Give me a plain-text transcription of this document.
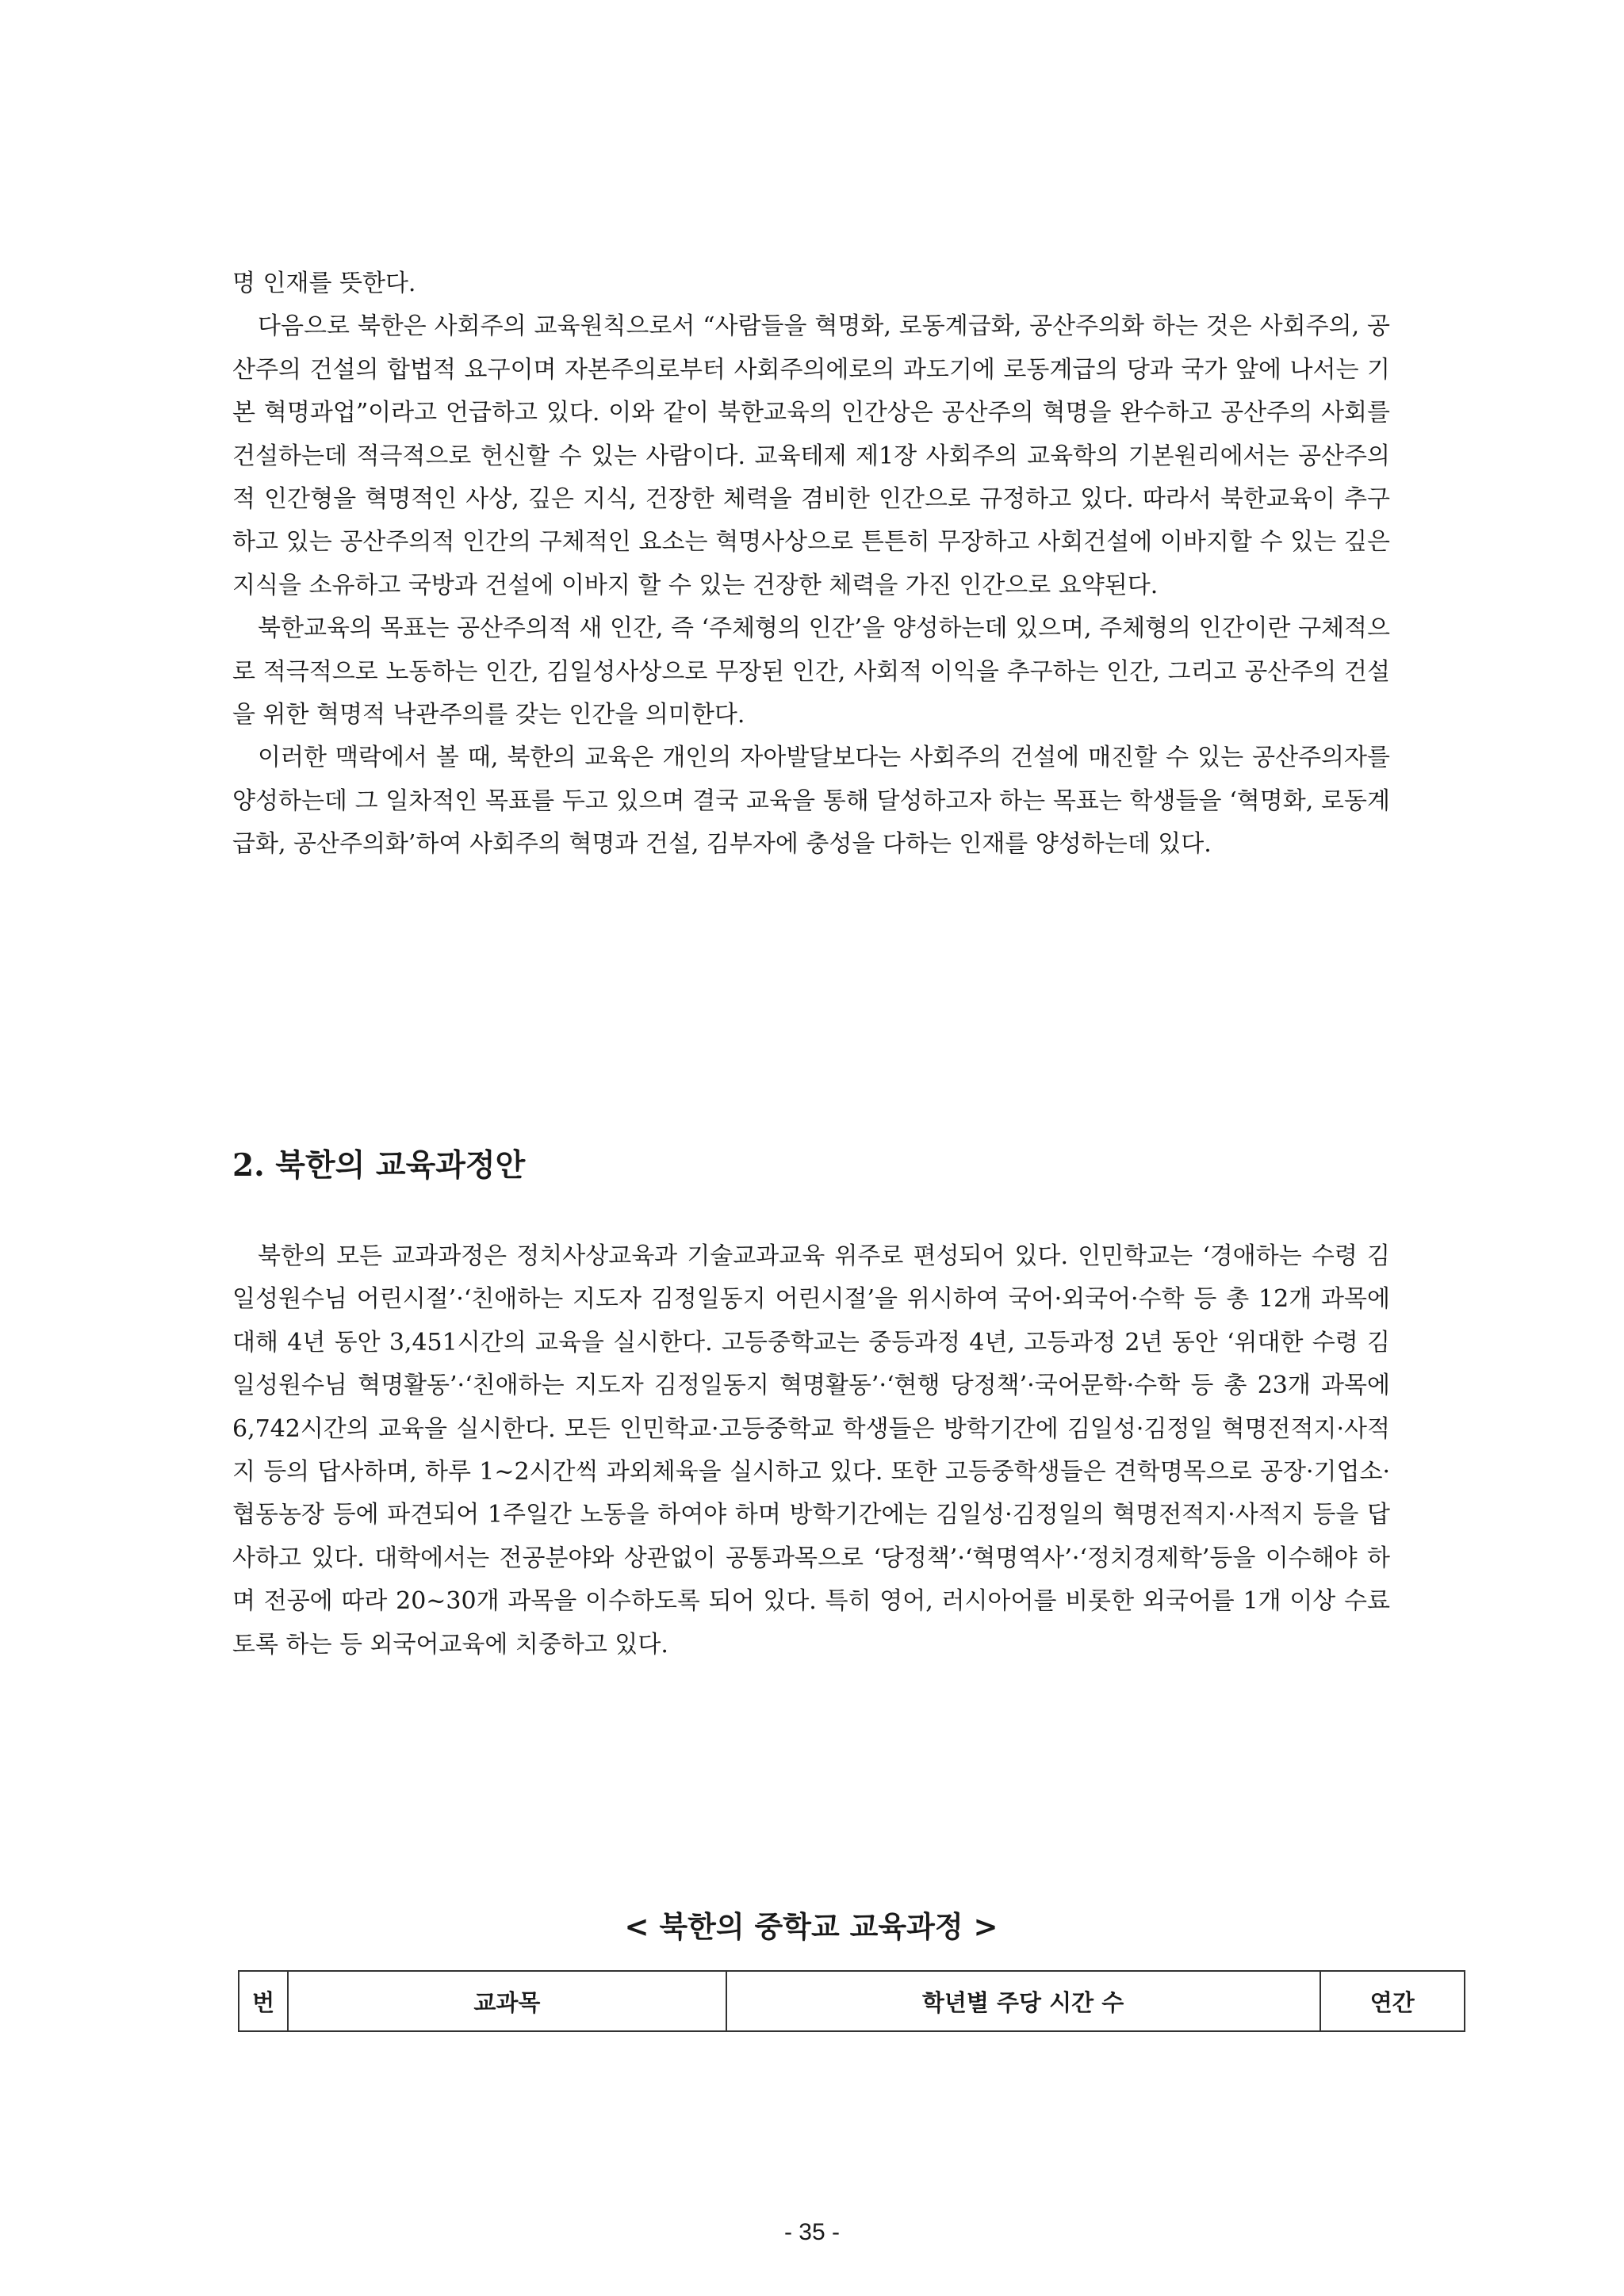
명 인재를 뜻한다.

다음으로 북한은 사회주의 교육원칙으로서 “사람들을 혁명화, 로동계급화, 공산주의화 하는 것은 사회주의, 공산주의 건설의 합법적 요구이며 자본주의로부터 사회주의에로의 과도기에 로동계급의 당과 국가 앞에 나서는 기본 혁명과업”이라고 언급하고 있다. 이와 같이 북한교육의 인간상은 공산주의 혁명을 완수하고 공산주의 사회를 건설하는데 적극적으로 헌신할 수 있는 사람이다. 교육테제 제1장 사회주의 교육학의 기본원리에서는 공산주의적 인간형을 혁명적인 사상, 깊은 지식, 건장한 체력을 겸비한 인간으로 규정하고 있다. 따라서 북한교육이 추구하고 있는 공산주의적 인간의 구체적인 요소는 혁명사상으로 튼튼히 무장하고 사회건설에 이바지할 수 있는 깊은 지식을 소유하고 국방과 건설에 이바지 할 수 있는 건장한 체력을 가진 인간으로 요약된다.

북한교육의 목표는 공산주의적 새 인간, 즉 ‘주체형의 인간’을 양성하는데 있으며, 주체형의 인간이란 구체적으로 적극적으로 노동하는 인간, 김일성사상으로 무장된 인간, 사회적 이익을 추구하는 인간, 그리고 공산주의 건설을 위한 혁명적 낙관주의를 갖는 인간을 의미한다.

이러한 맥락에서 볼 때, 북한의 교육은 개인의 자아발달보다는 사회주의 건설에 매진할 수 있는 공산주의자를 양성하는데 그 일차적인 목표를 두고 있으며 결국 교육을 통해 달성하고자 하는 목표는 학생들을 ‘혁명화, 로동계급화, 공산주의화’하여 사회주의 혁명과 건설, 김부자에 충성을 다하는 인재를 양성하는데 있다.

2. 북한의 교육과정안

북한의 모든 교과과정은 정치사상교육과 기술교과교육 위주로 편성되어 있다. 인민학교는 ‘경애하는 수령 김일성원수님 어린시절’·‘친애하는 지도자 김정일동지 어린시절’을 위시하여 국어·외국어·수학 등 총 12개 과목에 대해 4년 동안 3,451시간의 교육을 실시한다. 고등중학교는 중등과정 4년, 고등과정 2년 동안 ‘위대한 수령 김일성원수님 혁명활동’·‘친애하는 지도자 김정일동지 혁명활동’·‘현행 당정책’·국어문학·수학 등 총 23개 과목에 6,742시간의 교육을 실시한다. 모든 인민학교·고등중학교 학생들은 방학기간에 김일성·김정일 혁명전적지·사적지 등의 답사하며, 하루 1~2시간씩 과외체육을 실시하고 있다. 또한 고등중학생들은 견학명목으로 공장·기업소·협동농장 등에 파견되어 1주일간 노동을 하여야 하며 방학기간에는 김일성·김정일의 혁명전적지·사적지 등을 답사하고 있다. 대학에서는 전공분야와 상관없이 공통과목으로 ‘당정책’·‘혁명역사’·‘정치경제학’등을 이수해야 하며 전공에 따라 20~30개 과목을 이수하도록 되어 있다. 특히 영어, 러시아어를 비롯한 외국어를 1개 이상 수료토록 하는 등 외국어교육에 치중하고 있다.

< 북한의 중학교 교육과정 >
번	교과목	학년별 주당 시간 수	연간
- 35 -
